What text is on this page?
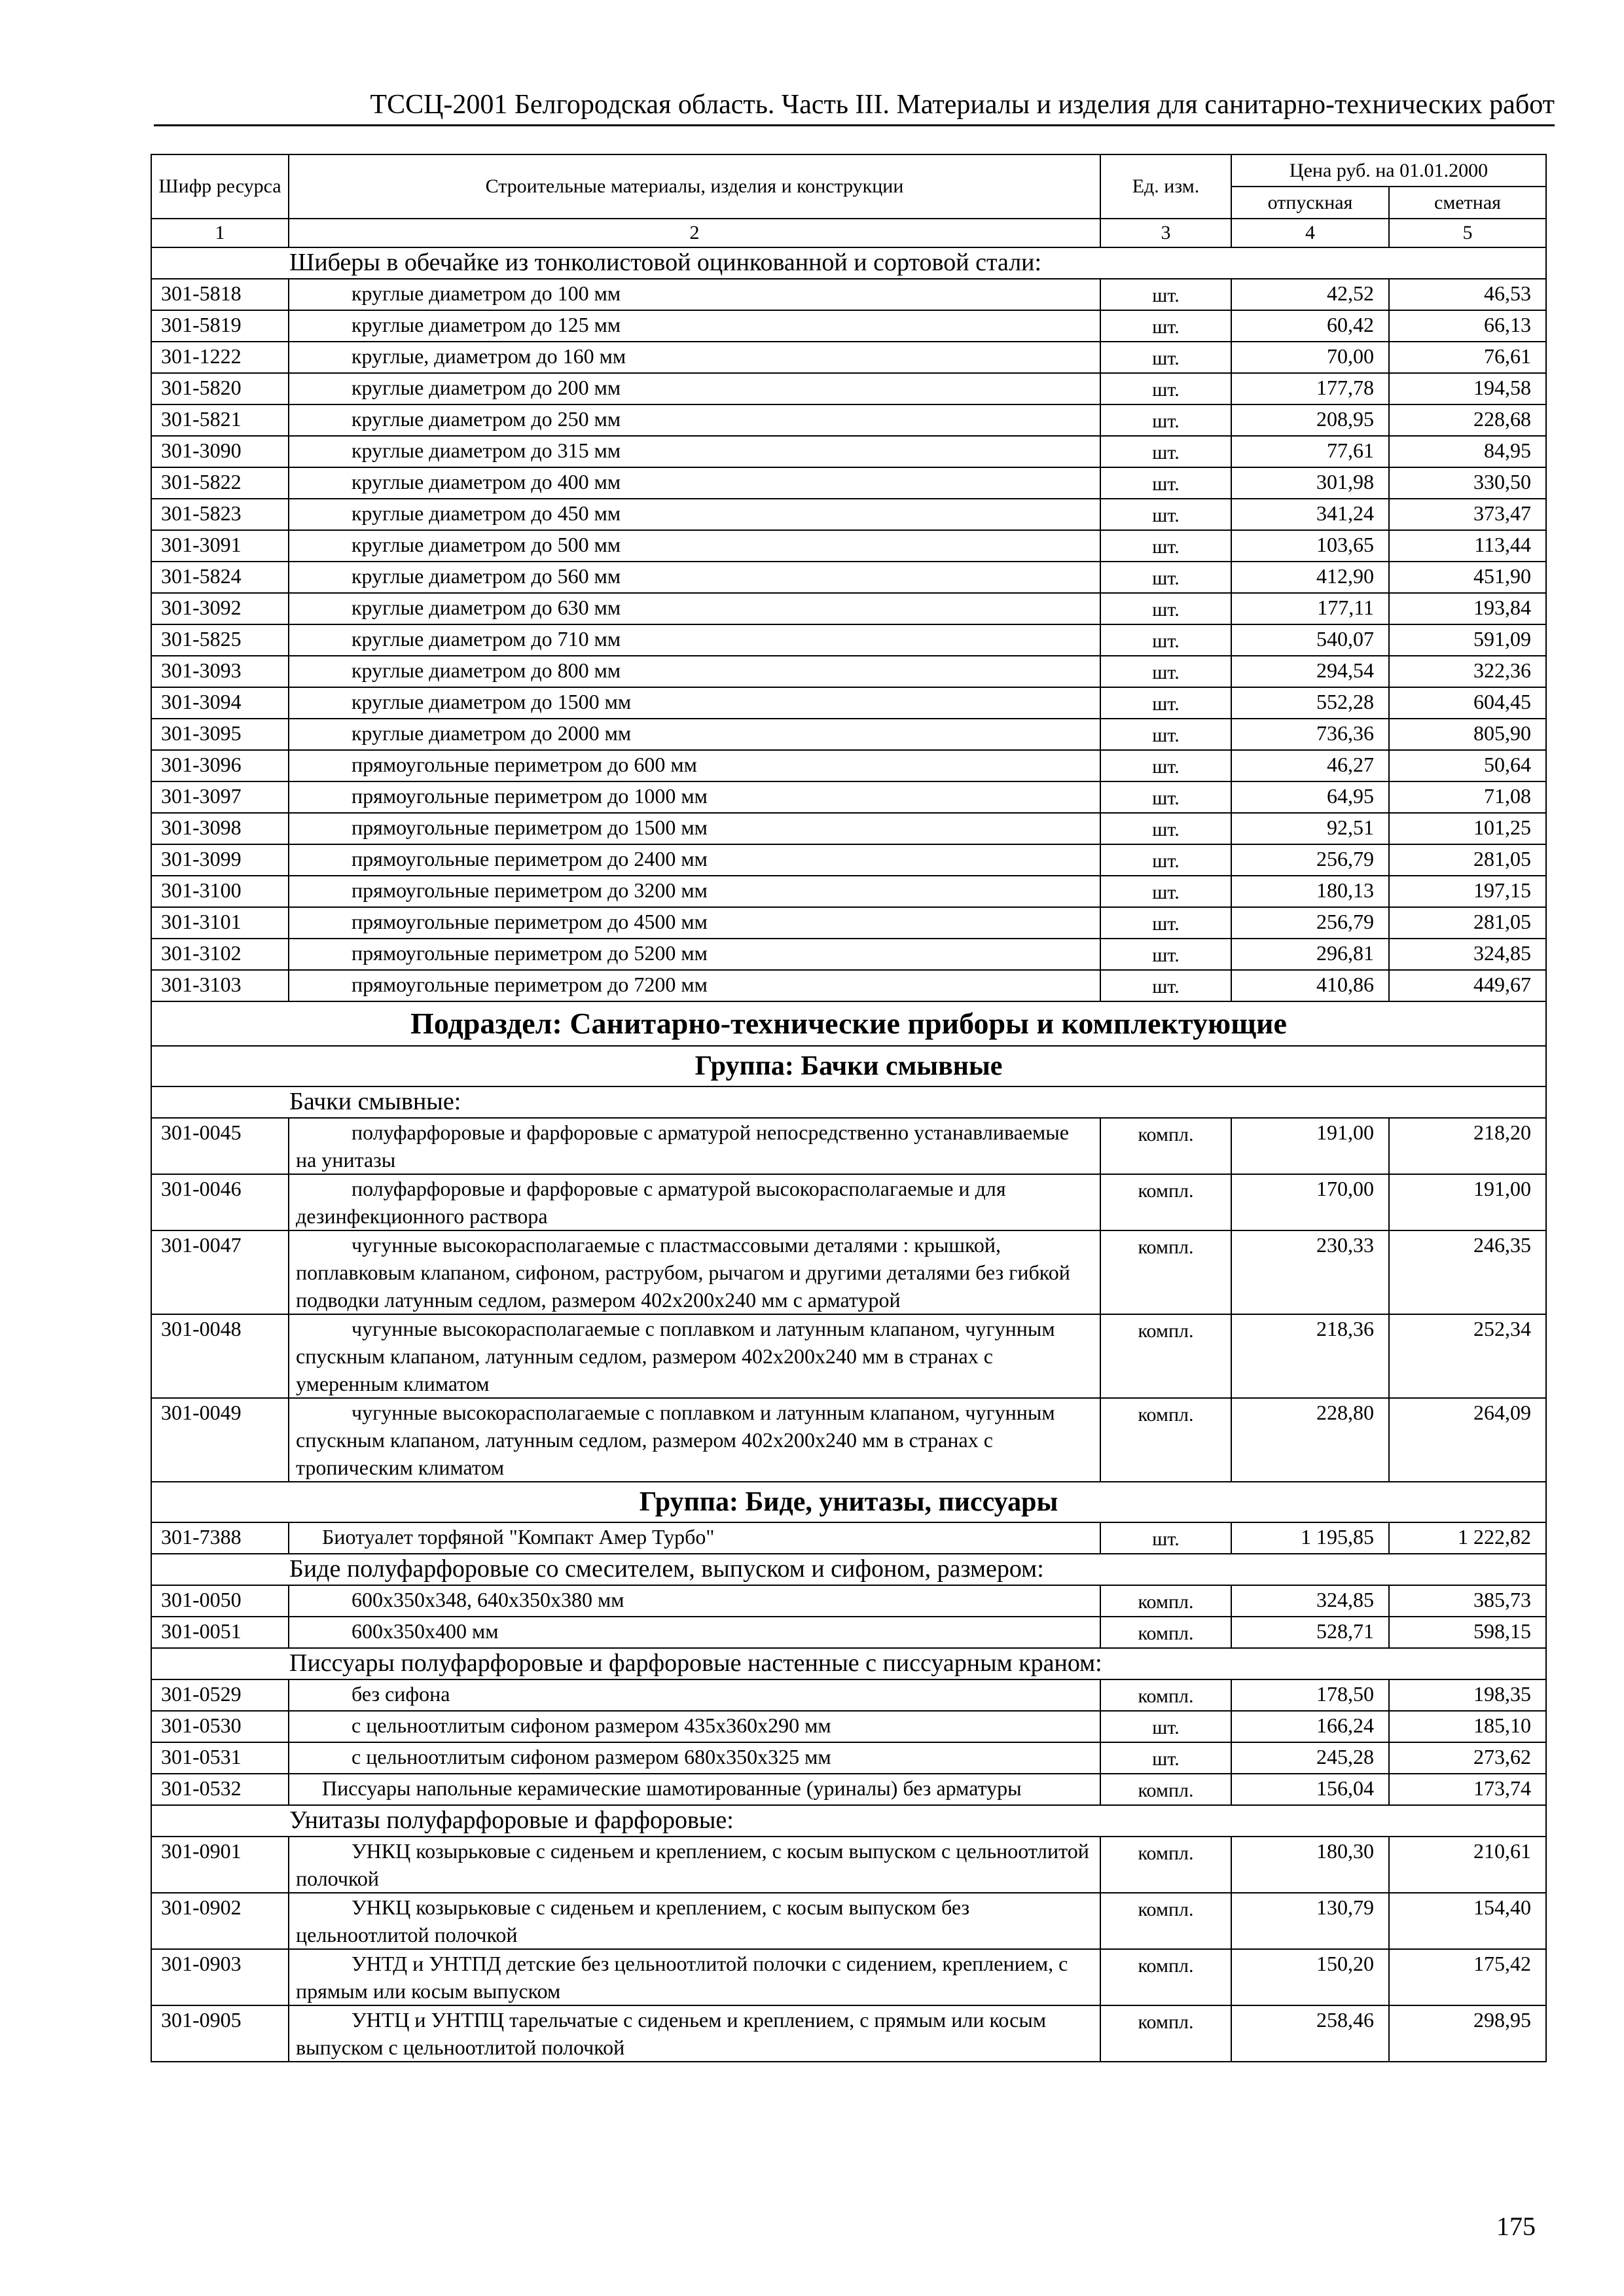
ТССЦ-2001 Белгородская область. Часть III. Материалы и изделия для санитарно-технических работ
Шифр ресурса	Строительные материалы, изделия и конструкции	Ед. изм.	Цена руб. на 01.01.2000	
			отпускная	сметная
1	2	3	4	5
Шиберы в обечайке из тонколистовой оцинкованной и сортовой стали:				
301-5818	круглые диаметром до 100 мм	шт.	42,52	46,53
301-5819	круглые диаметром до 125 мм	шт.	60,42	66,13
301-1222	круглые, диаметром до 160 мм	шт.	70,00	76,61
301-5820	круглые диаметром до 200 мм	шт.	177,78	194,58
301-5821	круглые диаметром до 250 мм	шт.	208,95	228,68
301-3090	круглые диаметром до 315 мм	шт.	77,61	84,95
301-5822	круглые диаметром до 400 мм	шт.	301,98	330,50
301-5823	круглые диаметром до 450 мм	шт.	341,24	373,47
301-3091	круглые диаметром до 500 мм	шт.	103,65	113,44
301-5824	круглые диаметром до 560 мм	шт.	412,90	451,90
301-3092	круглые диаметром до 630 мм	шт.	177,11	193,84
301-5825	круглые диаметром до 710 мм	шт.	540,07	591,09
301-3093	круглые диаметром до 800 мм	шт.	294,54	322,36
301-3094	круглые диаметром до 1500 мм	шт.	552,28	604,45
301-3095	круглые диаметром до 2000 мм	шт.	736,36	805,90
301-3096	прямоугольные периметром до 600 мм	шт.	46,27	50,64
301-3097	прямоугольные периметром до 1000 мм	шт.	64,95	71,08
301-3098	прямоугольные периметром до 1500 мм	шт.	92,51	101,25
301-3099	прямоугольные периметром до 2400 мм	шт.	256,79	281,05
301-3100	прямоугольные периметром до 3200 мм	шт.	180,13	197,15
301-3101	прямоугольные периметром до 4500 мм	шт.	256,79	281,05
301-3102	прямоугольные периметром до 5200 мм	шт.	296,81	324,85
301-3103	прямоугольные периметром до 7200 мм	шт.	410,86	449,67
Подраздел: Санитарно-технические приборы и комплектующие				
Группа: Бачки смывные				
Бачки смывные:				
301-0045	полуфарфоровые и фарфоровые с арматурой непосредственно устанавливаемые на унитазы	компл.	191,00	218,20
301-0046	полуфарфоровые и фарфоровые с арматурой высокорасполагаемые и для дезинфекционного раствора	компл.	170,00	191,00
301-0047	чугунные высокорасполагаемые с пластмассовыми деталями : крышкой, поплавковым клапаном, сифоном, раструбом, рычагом и другими деталями без гибкой подводки латунным седлом, размером 402x200x240 мм с арматурой	компл.	230,33	246,35
301-0048	чугунные высокорасполагаемые с поплавком и латунным клапаном, чугунным спускным клапаном, латунным седлом, размером 402x200x240 мм в странах с умеренным климатом	компл.	218,36	252,34
301-0049	чугунные высокорасполагаемые с поплавком и латунным клапаном, чугунным спускным клапаном, латунным седлом, размером 402x200x240 мм в странах с тропическим климатом	компл.	228,80	264,09
Группа: Биде, унитазы, писсуары				
301-7388	Биотуалет торфяной "Компакт Амер Турбо"	шт.	1 195,85	1 222,82
Биде полуфарфоровые со смесителем, выпуском и сифоном, размером:				
301-0050	600x350x348, 640x350x380 мм	компл.	324,85	385,73
301-0051	600x350x400 мм	компл.	528,71	598,15
Писсуары полуфарфоровые и фарфоровые настенные с писсуарным краном:				
301-0529	без сифона	компл.	178,50	198,35
301-0530	с цельноотлитым сифоном размером 435x360x290 мм	шт.	166,24	185,10
301-0531	с цельноотлитым сифоном размером 680x350x325 мм	шт.	245,28	273,62
301-0532	Писсуары напольные керамические шамотированные (уриналы) без арматуры	компл.	156,04	173,74
Унитазы полуфарфоровые и фарфоровые:				
301-0901	УНКЦ козырьковые с сиденьем и креплением, с косым выпуском с цельноотлитой полочкой	компл.	180,30	210,61
301-0902	УНКЦ козырьковые с сиденьем и креплением, с косым выпуском без цельноотлитой полочкой	компл.	130,79	154,40
301-0903	УНТД и УНТПД детские без цельноотлитой полочки с сидением, креплением, с прямым или косым выпуском	компл.	150,20	175,42
301-0905	УНТЦ и УНТПЦ тарельчатые с сиденьем и креплением, с прямым или косым выпуском с цельноотлитой полочкой	компл.	258,46	298,95
175
